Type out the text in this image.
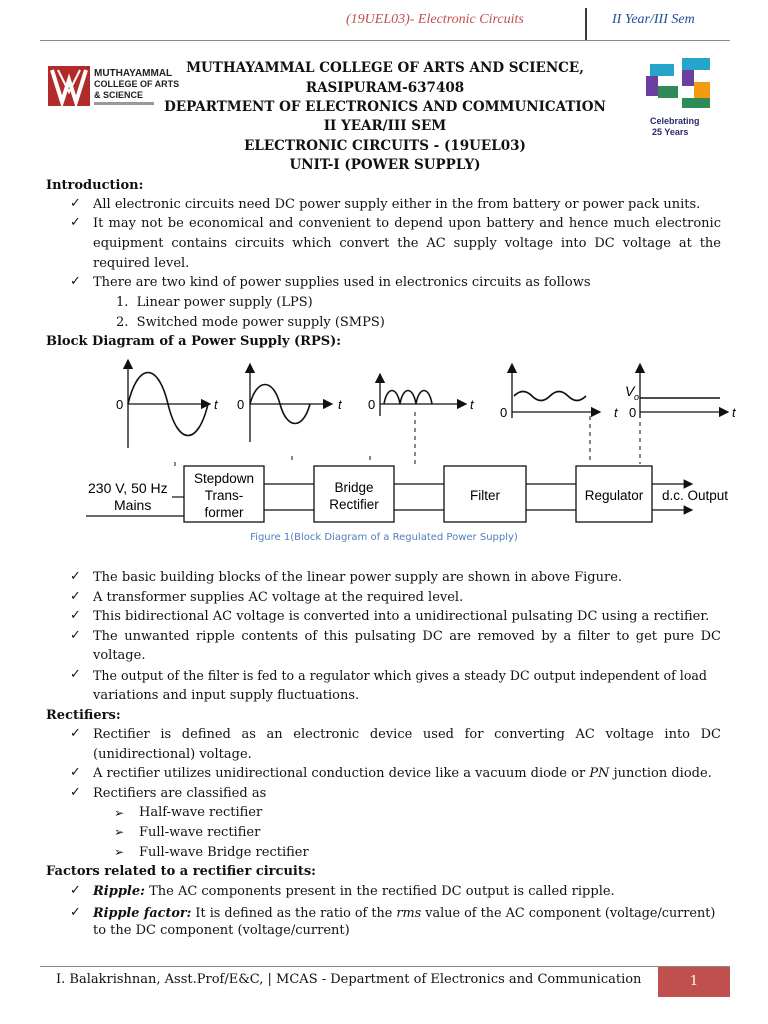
(19UEL03)- Electronic Circuits	II Year/III Sem
MUTHAYAMMAL
COLLEGE OF ARTS
& SCIENCE
Celebrating
25 Years
MUTHAYAMMAL COLLEGE OF ARTS AND SCIENCE,
RASIPURAM-637408
DEPARTMENT OF ELECTRONICS AND COMMUNICATION
II YEAR/III SEM
ELECTRONIC CIRCUITS - (19UEL03)
UNIT-I (POWER SUPPLY)
Introduction:
✓ All electronic circuits need DC power supply either in the from battery or power pack units.
✓ It may not be economical and convenient to depend upon battery and hence much electronic
equipment contains circuits which convert the AC supply voltage into DC voltage at the
required level.
✓ There are two kind of power supplies used in electronics circuits as follows
1.  Linear power supply (LPS)
2.  Switched mode power supply (SMPS)
Block Diagram of a Power Supply (RPS):
0	t 0	t 0	t
0
V o
0
t	t
230 V, 50 Hz
Mains
Stepdown
Trans-
former
Bridge
Rectifier
Filter	Regulator d.c. Output
Figure 1(Block Diagram of a Regulated Power Supply)
✓ The basic building blocks of the linear power supply are shown in above Figure.
✓ A transformer supplies AC voltage at the required level.
✓ This bidirectional AC voltage is converted into a unidirectional pulsating DC using a rectifier.
✓ The unwanted ripple contents of this pulsating DC are removed by a filter to get pure DC
voltage.
✓ The output of the filter is fed to a regulator which gives a steady DC output independent of load
variations and input supply fluctuations.
Rectifiers:
✓ Rectifier is defined as an electronic device used for converting AC voltage into DC
(unidirectional) voltage.
✓ A rectifier utilizes unidirectional conduction device like a vacuum diode or PN junction diode.
✓ Rectifiers are classified as
➢
Half-wave rectifier
➢
Full-wave rectifier
➢ Full-wave Bridge rectifier
Factors related to a rectifier circuits:
✓ Ripple: The AC components present in the rectified DC output is called ripple.
✓ Ripple factor: It is defined as the ratio of the rms value of the AC component (voltage/current)
to the DC component (voltage/current)
I. Balakrishnan, Asst.Prof/E&C, | MCAS - Department of Electronics and Communication	1
